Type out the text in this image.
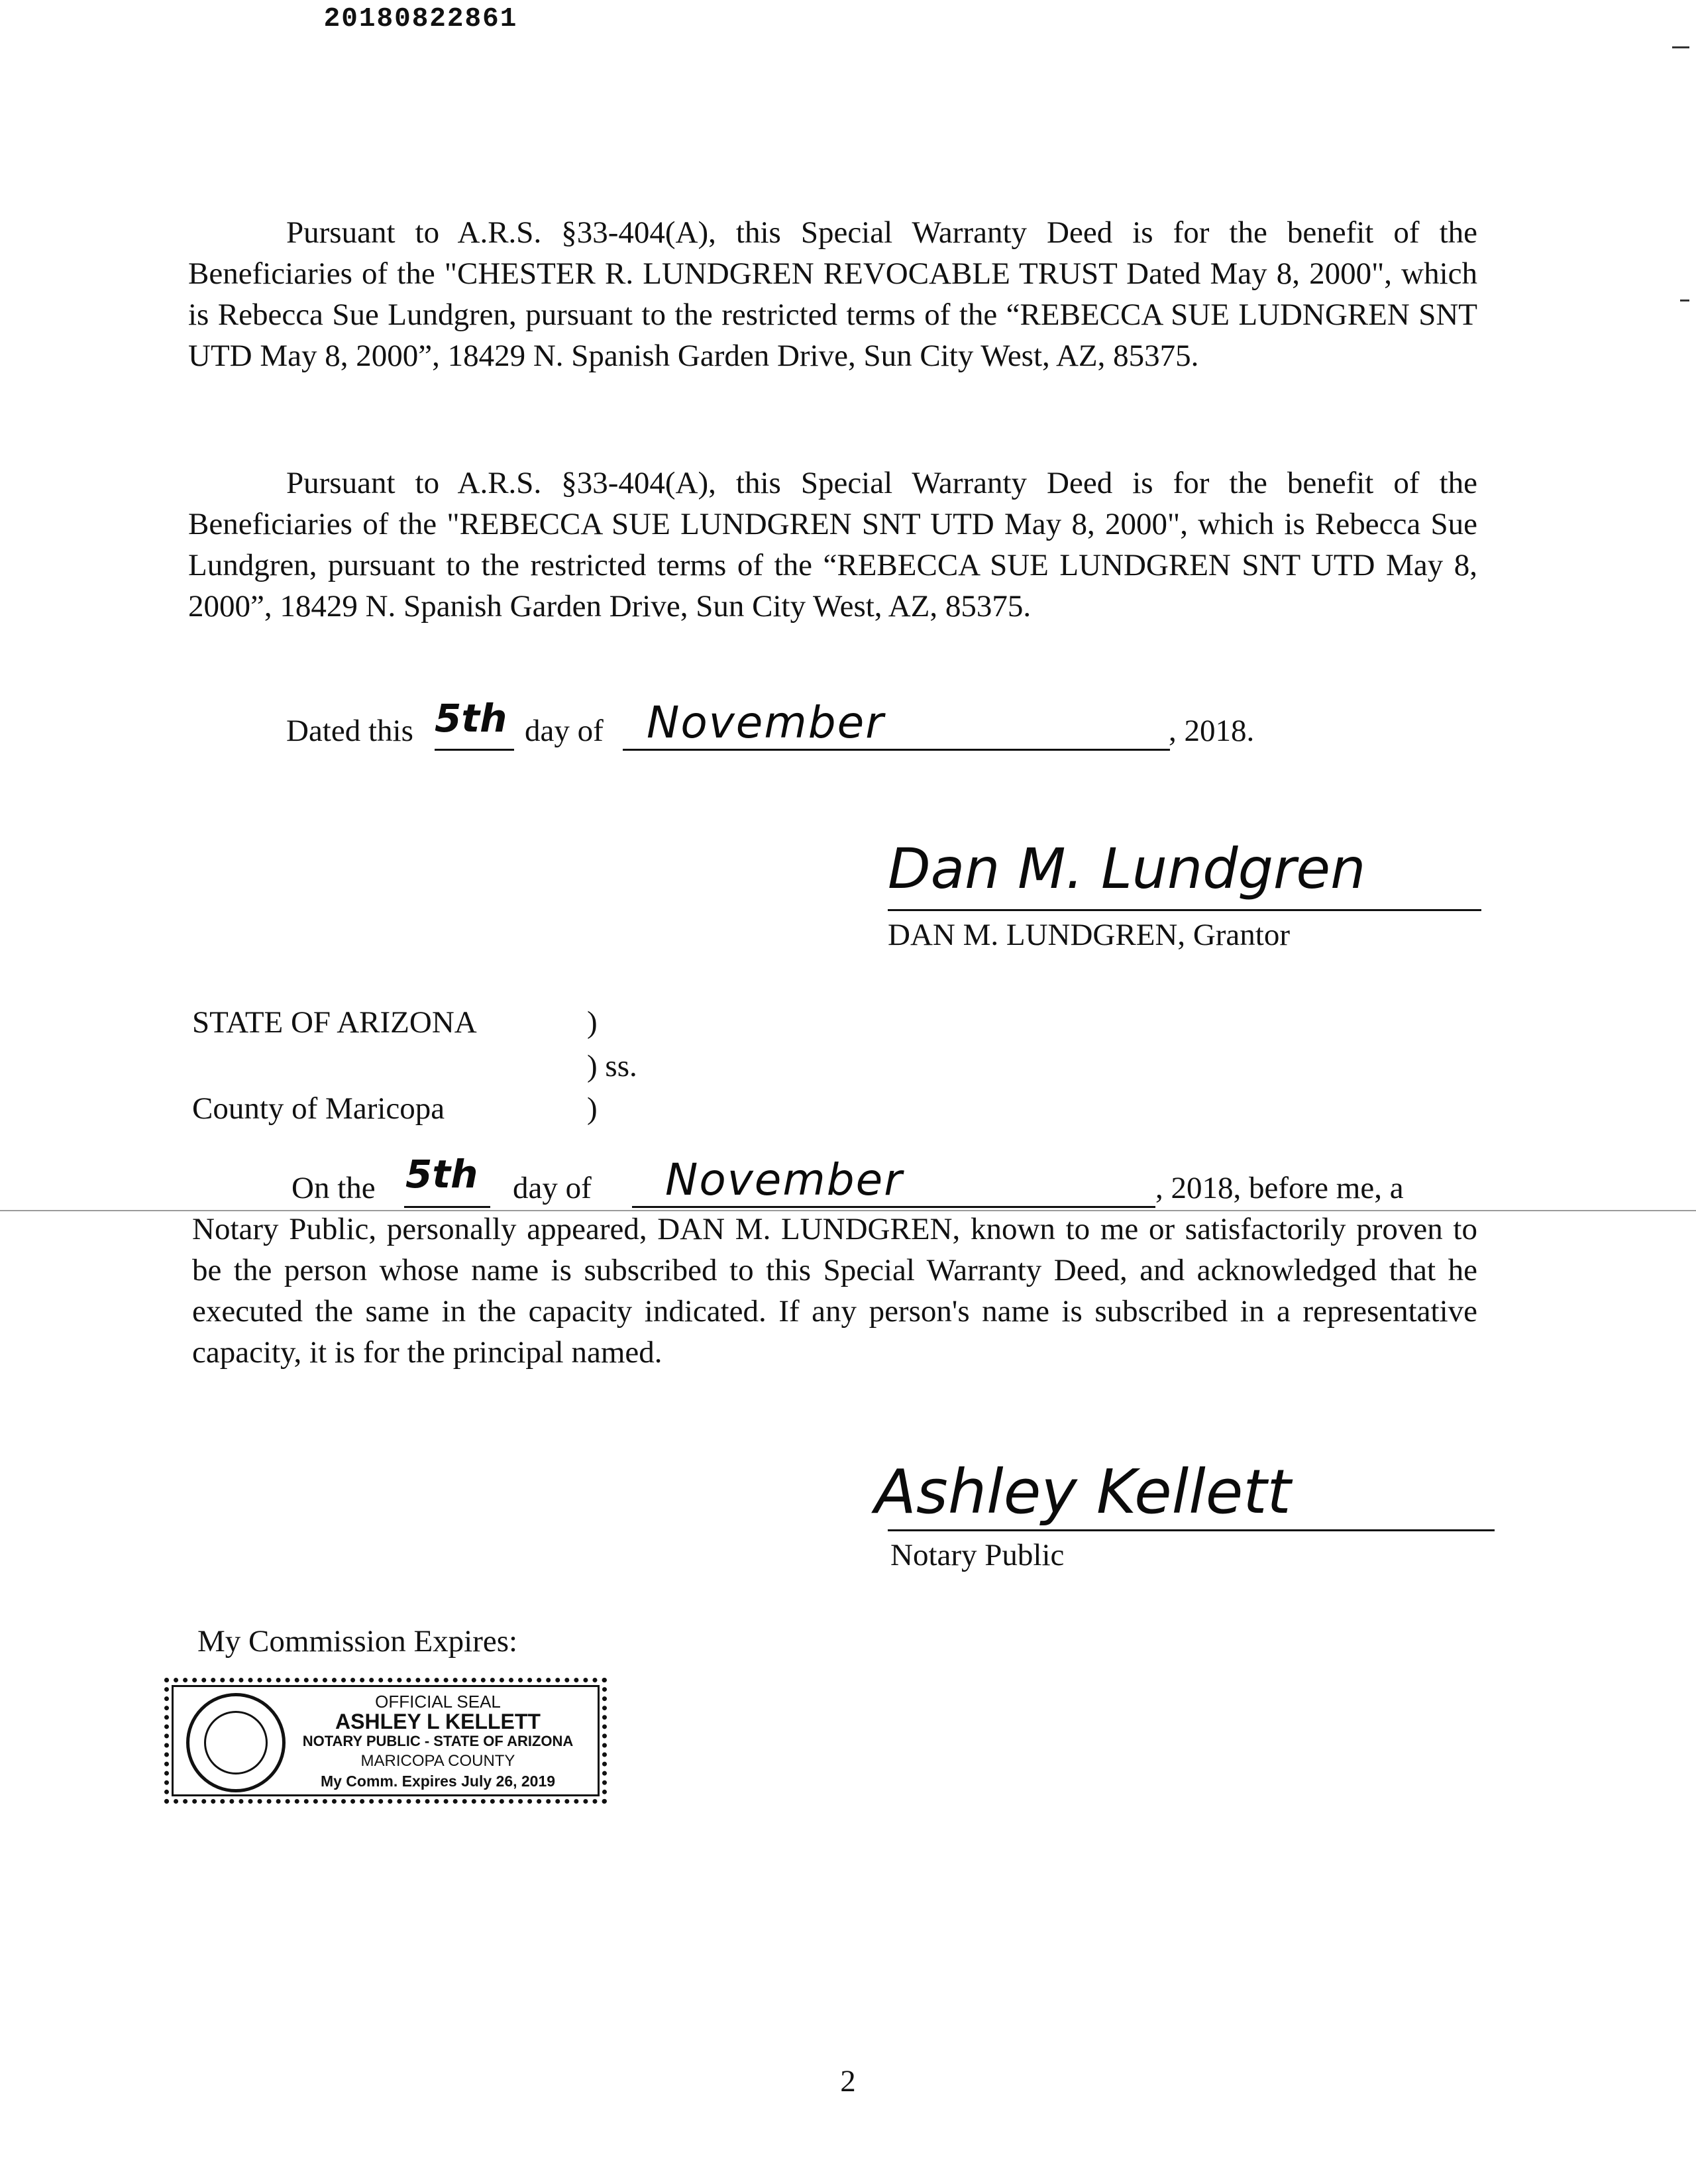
20180822861
Pursuant to A.R.S. §33-404(A), this Special Warranty Deed is for the benefit of the Beneficiaries of the "CHESTER R. LUNDGREN REVOCABLE TRUST Dated May 8, 2000", which is Rebecca Sue Lundgren, pursuant to the restricted terms of the “REBECCA SUE LUDNGREN SNT UTD May 8, 2000”, 18429 N. Spanish Garden Drive, Sun City West, AZ, 85375.
Pursuant to A.R.S. §33-404(A), this Special Warranty Deed is for the benefit of the Beneficiaries of the "REBECCA SUE LUNDGREN SNT UTD May 8, 2000", which is Rebecca Sue Lundgren, pursuant to the restricted terms of the “REBECCA SUE LUNDGREN SNT UTD May 8, 2000”, 18429 N. Spanish Garden Drive, Sun City West, AZ, 85375.
Dated this 5th day of November	, 2018.
Dan M. Lundgren
DAN M. LUNDGREN, Grantor
STATE OF ARIZONA	)
) ss.
County of Maricopa	)
On the 5th day of November	, 2018, before me, a
Notary Public, personally appeared, DAN M. LUNDGREN, known to me or satisfactorily proven to be the person whose name is subscribed to this Special Warranty Deed, and acknowledged that he executed the same in the capacity indicated. If any person's name is subscribed in a representative capacity, it is for the principal named.
Ashley Kellett
Notary Public
My Commission Expires:
OFFICIAL SEAL
ASHLEY L KELLETT
NOTARY PUBLIC - STATE OF ARIZONA
MARICOPA COUNTY
My Comm. Expires July 26, 2019
2
